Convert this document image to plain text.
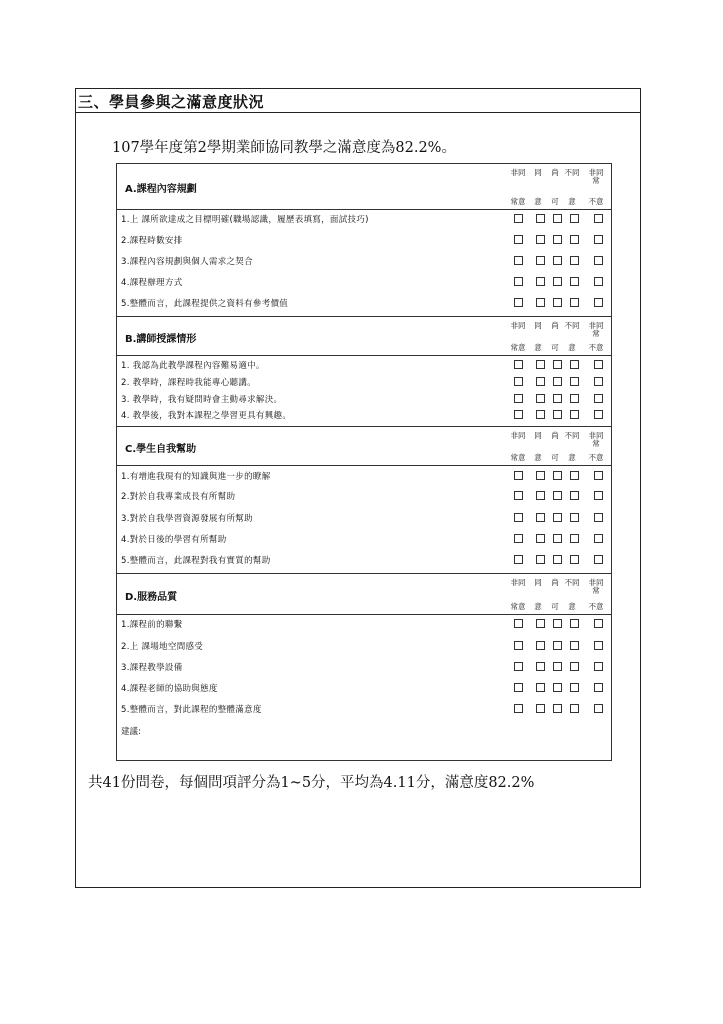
三、學員參與之滿意度狀況
107學年度第2學期業師協同教學之滿意度為82.2%。
建議:
A.課程內容規劃
非同
常意
同
意
尚
可
不同
意
非同常
不意
1.上 課所欲達成之目標明確(職場認識，履歷表填寫，面試技巧)
2.課程時數安排
3.課程內容規劃與個人需求之契合
4.課程辦理方式
5.整體而言，此課程提供之資料有參考價值
B.講師授課情形
非同
常意
同
意
尚
可
不同
意
非同常
不意
1. 我認為此教學課程內容難易適中。
2. 教學時，課程時我能專心聽講。
3. 教學時，我有疑問時會主動尋求解決。
4. 教學後，我對本課程之學習更具有興趣。
C.學生自我幫助
非同
常意
同
意
尚
可
不同
意
非同常
不意
1.有增進我現有的知識與進一步的瞭解
2.對於自我專業成長有所幫助
3.對於自我學習資源發展有所幫助
4.對於日後的學習有所幫助
5.整體而言，此課程對我有實質的幫助
D.服務品質
非同
常意
同
意
尚
可
不同
意
非同常
不意
1.課程前的聯繫
2.上 課場地空間感受
3.課程教學設備
4.課程老師的協助與態度
5.整體而言，對此課程的整體滿意度
共41份問卷，每個問項評分為1~5分，平均為4.11分，滿意度82.2%
